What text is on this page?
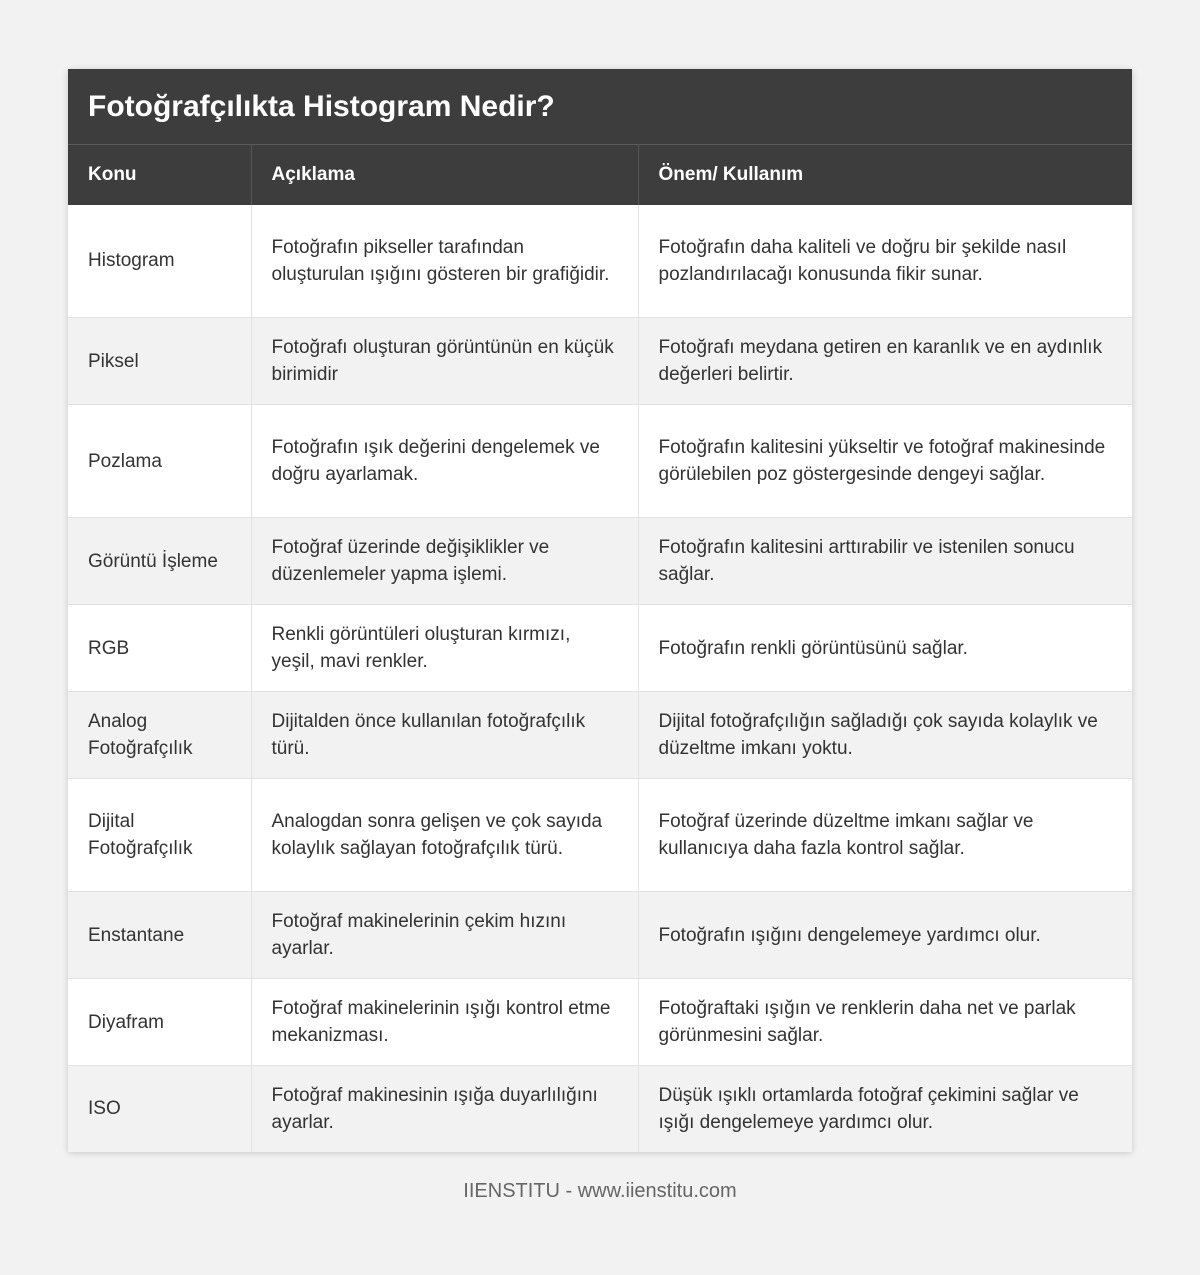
Fotoğrafçılıkta Histogram Nedir?
Konu	Açıklama	Önem/ Kullanım
Histogram	Fotoğrafın pikseller tarafından oluşturulan ışığını gösteren bir grafiğidir.	Fotoğrafın daha kaliteli ve doğru bir şekilde nasıl pozlandırılacağı konusunda fikir sunar.
Piksel	Fotoğrafı oluşturan görüntünün en küçük birimidir	Fotoğrafı meydana getiren en karanlık ve en aydınlık değerleri belirtir.
Pozlama	Fotoğrafın ışık değerini dengelemek ve doğru ayarlamak.	Fotoğrafın kalitesini yükseltir ve fotoğraf makinesinde görülebilen poz göstergesinde dengeyi sağlar.
Görüntü İşleme	Fotoğraf üzerinde değişiklikler ve düzenlemeler yapma işlemi.	Fotoğrafın kalitesini arttırabilir ve istenilen sonucu sağlar.
RGB	Renkli görüntüleri oluşturan kırmızı, yeşil, mavi renkler.	Fotoğrafın renkli görüntüsünü sağlar.
Analog Fotoğrafçılık	Dijitalden önce kullanılan fotoğrafçılık türü.	Dijital fotoğrafçılığın sağladığı çok sayıda kolaylık ve düzeltme imkanı yoktu.
Dijital Fotoğrafçılık	Analogdan sonra gelişen ve çok sayıda kolaylık sağlayan fotoğrafçılık türü.	Fotoğraf üzerinde düzeltme imkanı sağlar ve kullanıcıya daha fazla kontrol sağlar.
Enstantane	Fotoğraf makinelerinin çekim hızını ayarlar.	Fotoğrafın ışığını dengelemeye yardımcı olur.
Diyafram	Fotoğraf makinelerinin ışığı kontrol etme mekanizması.	Fotoğraftaki ışığın ve renklerin daha net ve parlak görünmesini sağlar.
ISO	Fotoğraf makinesinin ışığa duyarlılığını ayarlar.	Düşük ışıklı ortamlarda fotoğraf çekimini sağlar ve ışığı dengelemeye yardımcı olur.
IIENSTITU - www.iienstitu.com
